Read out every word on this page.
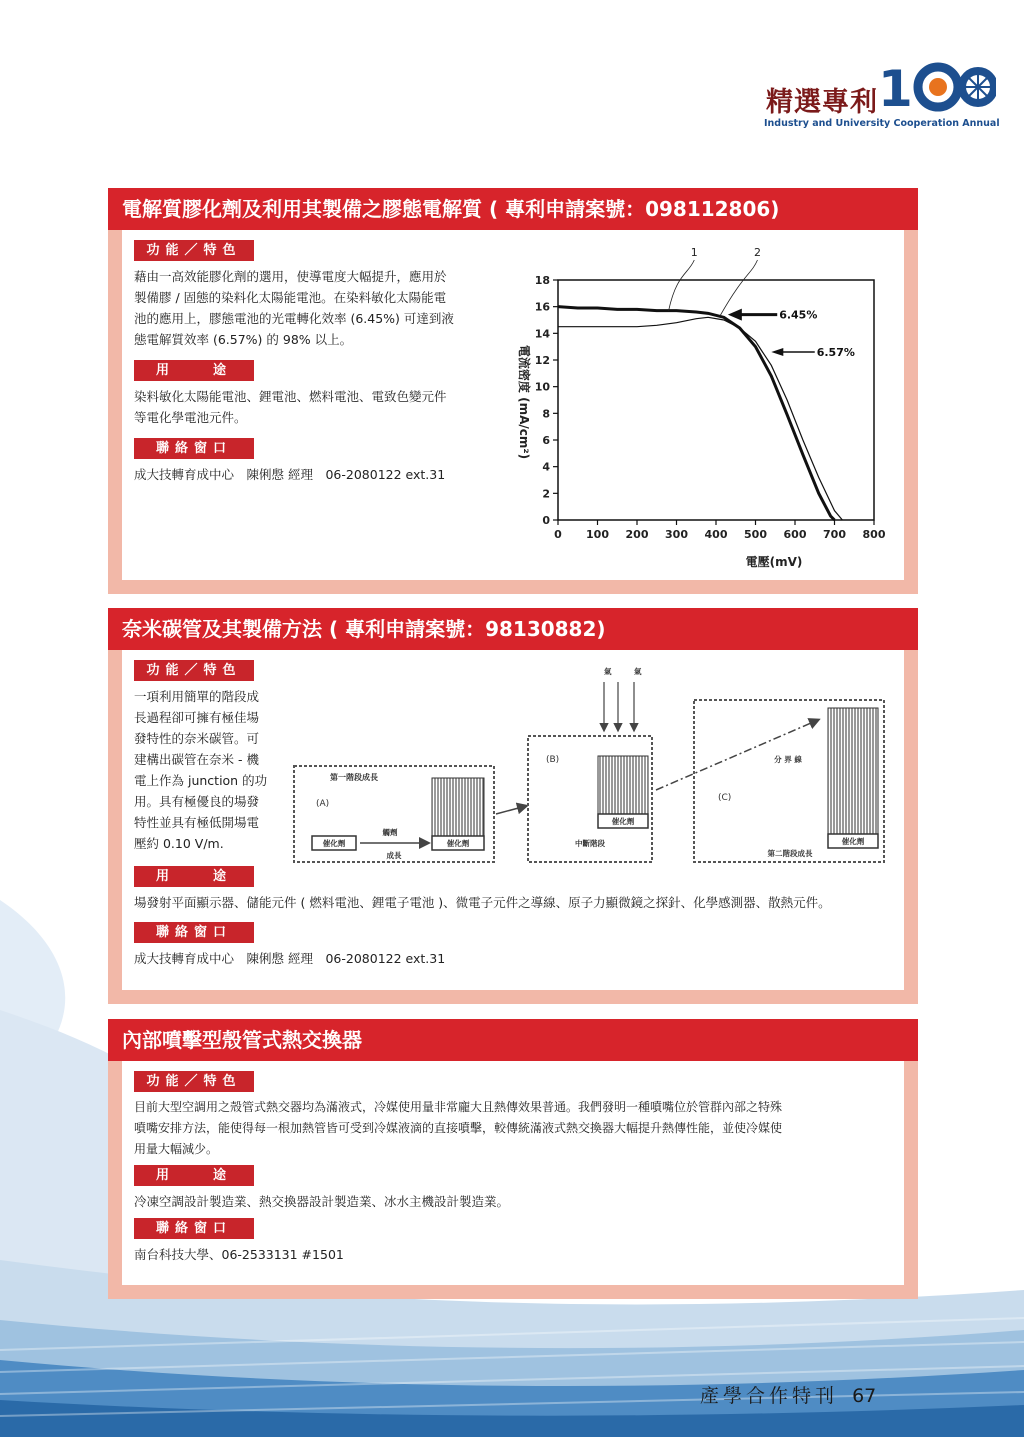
精選專利 1
Industry and University Cooperation Annual
電解質膠化劑及利用其製備之膠態電解質 ( 專利申請案號：098112806)
功能／特色
藉由一高效能膠化劑的選用，使導電度大幅提升，應用於
製備膠 / 固態的染料化太陽能電池。在染料敏化太陽能電
池的應用上，膠態電池的光電轉化效率 (6.45%) 可達到液
態電解質效率 (6.57%) 的 98% 以上。
用　　途
染料敏化太陽能電池、鋰電池、燃料電池、電致色變元件
等電化學電池元件。
聯絡窗口
成大技轉育成中心　陳俐慇 經理　06-2080122 ext.31
電流密度 (mA/cm²)
電壓(mV)
0 100 200 300 400 500 600 700 800
0
2
4
6
8
10
12
14
16
18
1	2
6.45%
6.57%
奈米碳管及其製備方法 ( 專利申請案號：98130882)
功能／特色
一項利用簡單的階段成
長過程卻可擁有極佳場
發特性的奈米碳管。可
建構出碳管在奈米 - 機
電上作為 junction 的功
用。具有極優良的場發
特性並具有極低開場電
壓約 0.10 V/m.
第一階段成長
(A)
催化劑
觸劑
成長
催化劑
(B)
氣	氣
催化劑
中斷階段
(C)
分 界 線
催化劑
第二階段成長
用　　途
場發射平面顯示器、儲能元件 ( 燃料電池、鋰電子電池 )、微電子元件之導線、原子力顯微鏡之探針、化學感測器、散熱元件。
聯絡窗口
成大技轉育成中心　陳俐慇 經理　06-2080122 ext.31
內部噴擊型殼管式熱交換器
功能／特色
目前大型空調用之殼管式熱交器均為滿液式，冷媒使用量非常龐大且熱傳效果普通。我們發明一種噴嘴位於管群內部之特殊
噴嘴安排方法，能使得每一根加熱管皆可受到冷媒液滴的直接噴擊，較傳統滿液式熱交換器大幅提升熱傳性能，並使冷媒使
用量大幅減少。
用　　途
冷凍空調設計製造業、熱交換器設計製造業、冰水主機設計製造業。
聯絡窗口
南台科技大學、06-2533131 #1501
產學合作特刊 67
